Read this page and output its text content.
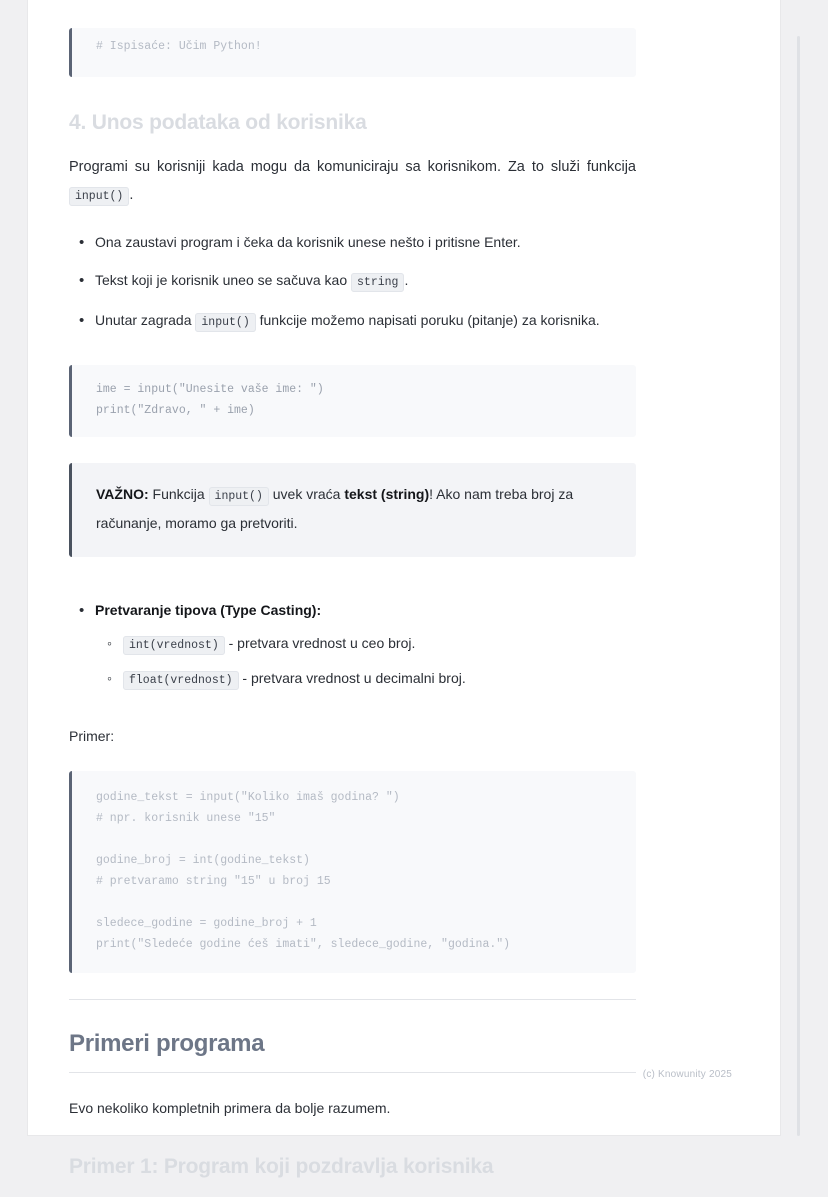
# Ispisaće: Učim Python!
4. Unos podataka od korisnika

Programi su korisniji kada mogu da komuniciraju sa korisnikom. Za to služi funkcija input() .

• Ona zaustavi program i čeka da korisnik unese nešto i pritisne Enter.
• Tekst koji je korisnik uneo se sačuva kao string .
• Unutar zagrada input() funkcije možemo napisati poruku (pitanje) za korisnika.
ime = input("Unesite vaše ime: ")
print("Zdravo, " + ime)
VAŽNO: Funkcija input() uvek vraća tekst (string)! Ako nam treba broj za računanje, moramo ga pretvoriti.
• Pretvaranje tipova (Type Casting):
◦ int(vrednost) - pretvara vrednost u ceo broj.
◦ float(vrednost) - pretvara vrednost u decimalni broj.

Primer:

godine_tekst = input("Koliko imaš godina? ")
# npr. korisnik unese "15"
godine_broj = int(godine_tekst)
# pretvaramo string "15" u broj 15
sledece_godine = godine_broj + 1
print("Sledeće godine ćeš imati", sledece_godine, "godina.")
Primeri programa

Evo nekoliko kompletnih primera da bolje razumem.

Primer 1: Program koji pozdravlja korisnika
(c) Knowunity 2025
